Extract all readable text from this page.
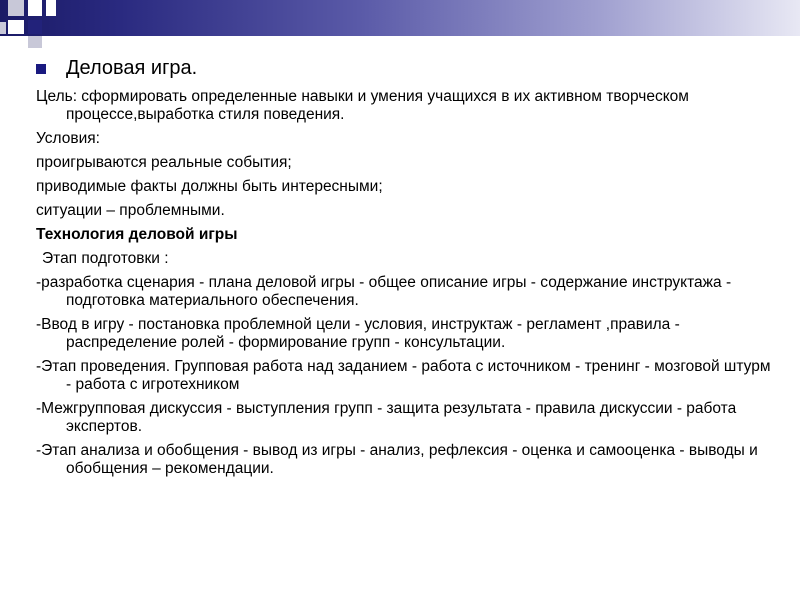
Деловая игра.
Цель: сформировать определенные навыки и умения учащихся в их активном творческом процессе,выработка стиля поведения.
Условия:
проигрываются реальные события;
приводимые факты должны быть интересными;
ситуации – проблемными.
Технология деловой игры
Этап подготовки :
-разработка сценария - плана деловой игры - общее описание игры - содержание инструктажа - подготовка материального обеспечения.
-Ввод в игру - постановка проблемной цели - условия, инструктаж - регламент ,правила - распределение ролей - формирование групп - консультации.
-Этап проведения. Групповая работа над заданием - работа с источником - тренинг - мозговой штурм - работа с игротехником
-Межгрупповая дискуссия - выступления групп - защита результата - правила дискуссии - работа экспертов.
-Этап анализа и обобщения - вывод из игры - анализ, рефлексия - оценка и самооценка - выводы и обобщения – рекомендации.
